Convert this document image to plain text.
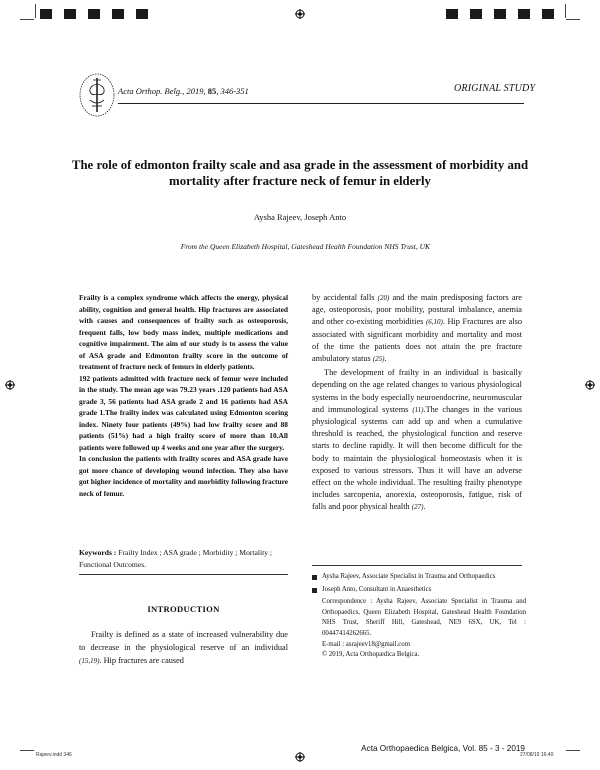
Acta Orthop. Belg., 2019, 85, 346-351	ORIGINAL STUDY
The role of edmonton frailty scale and asa grade in the assessment of morbidity and mortality after fracture neck of femur in elderly
Aysha Rajeev, Joseph Anto
From the Queen Elizabeth Hospital, Gateshead Health Foundation NHS Trust, UK

Frailty is a complex syndrome which affects the energy, physical ability, cognition and general health. Hip fractures are associated with causes and consequences of frailty such as osteoporosis, frequent falls, low body mass index, multiple medications and cognitive impairment. The aim of our study is to assess the value of ASA grade and Edmonton frailty score in the outcome of treatment of fracture neck of femurs in elderly patients.

192 patients admitted with fracture neck of femur were included in the study. The mean age was 79.23 years .120 patients had ASA grade 3, 56 patients had ASA grade 2 and 16 patients had ASA grade 1.The frailty index was calculated using Edmonton scoring index. Ninety four patients (49%) had low frailty score and 88 patients (51%) had a high frailty score of more than 10.All patients were followed up 4 weeks and one year after the surgery.

In conclusion the patients with frailty scores and ASA grade have got more chance of developing wound infection. They also have got higher incidence of mortality and morbidity following fracture neck of femur.

Keywords : Frailty Index ; ASA grade ; Morbidity ; Mortality ; Functional Outcomes.
INTRODUCTION
Frailty is defined as a state of increased vulnerability due to decrease in the physiological reserve of an individual (15,19). Hip fractures are caused

by accidental falls (20) and the main predisposing factors are age, osteoporosis, poor mobility, postural imbalance, anemia and other co-existing morbidities (6,10). Hip Fractures are also associated with significant morbidity and mortality and most of the time the patients does not attain the pre fracture ambulatory status (25).

The development of frailty in an individual is basically depending on the age related changes to various physiological systems in the body especially neuroendocrine, neuromuscular and immunological systems (11).The changes in the various physiological systems can add up and when a cumulative threshold is reached, the physiological function and reserve starts to decline rapidly. It will then become difficult for the body to maintain the physiological homeostasis when it is exposed to various stressors. Thus it will have an adverse effect on the whole individual. The resulting frailty phenotype includes sarcopenia, anorexia, osteoporosis, fatigue, risk of falls and poor physical health (27).

Aysha Rajeev, Associate Specialist in Trauma and Orthopaedics
Joseph Anto, Consultant in Anaesthetics
Correspondence : Aysha Rajeev, Associate Specialist in Trauma and Orthopaedics, Queen Elizabeth Hospital, Gateshead Health Foundation NHS Trust, Sheriff Hill, Gateshead, NE9 6SX, UK, Tel : 00447414262665.
E-mail : asrajeev18@gmail.com
© 2019, Acta Orthopædica Belgica.
Acta Orthopaedica Belgica, Vol. 85 - 3 - 2019
Rajeev.indd 346	27/08/19 16:40
